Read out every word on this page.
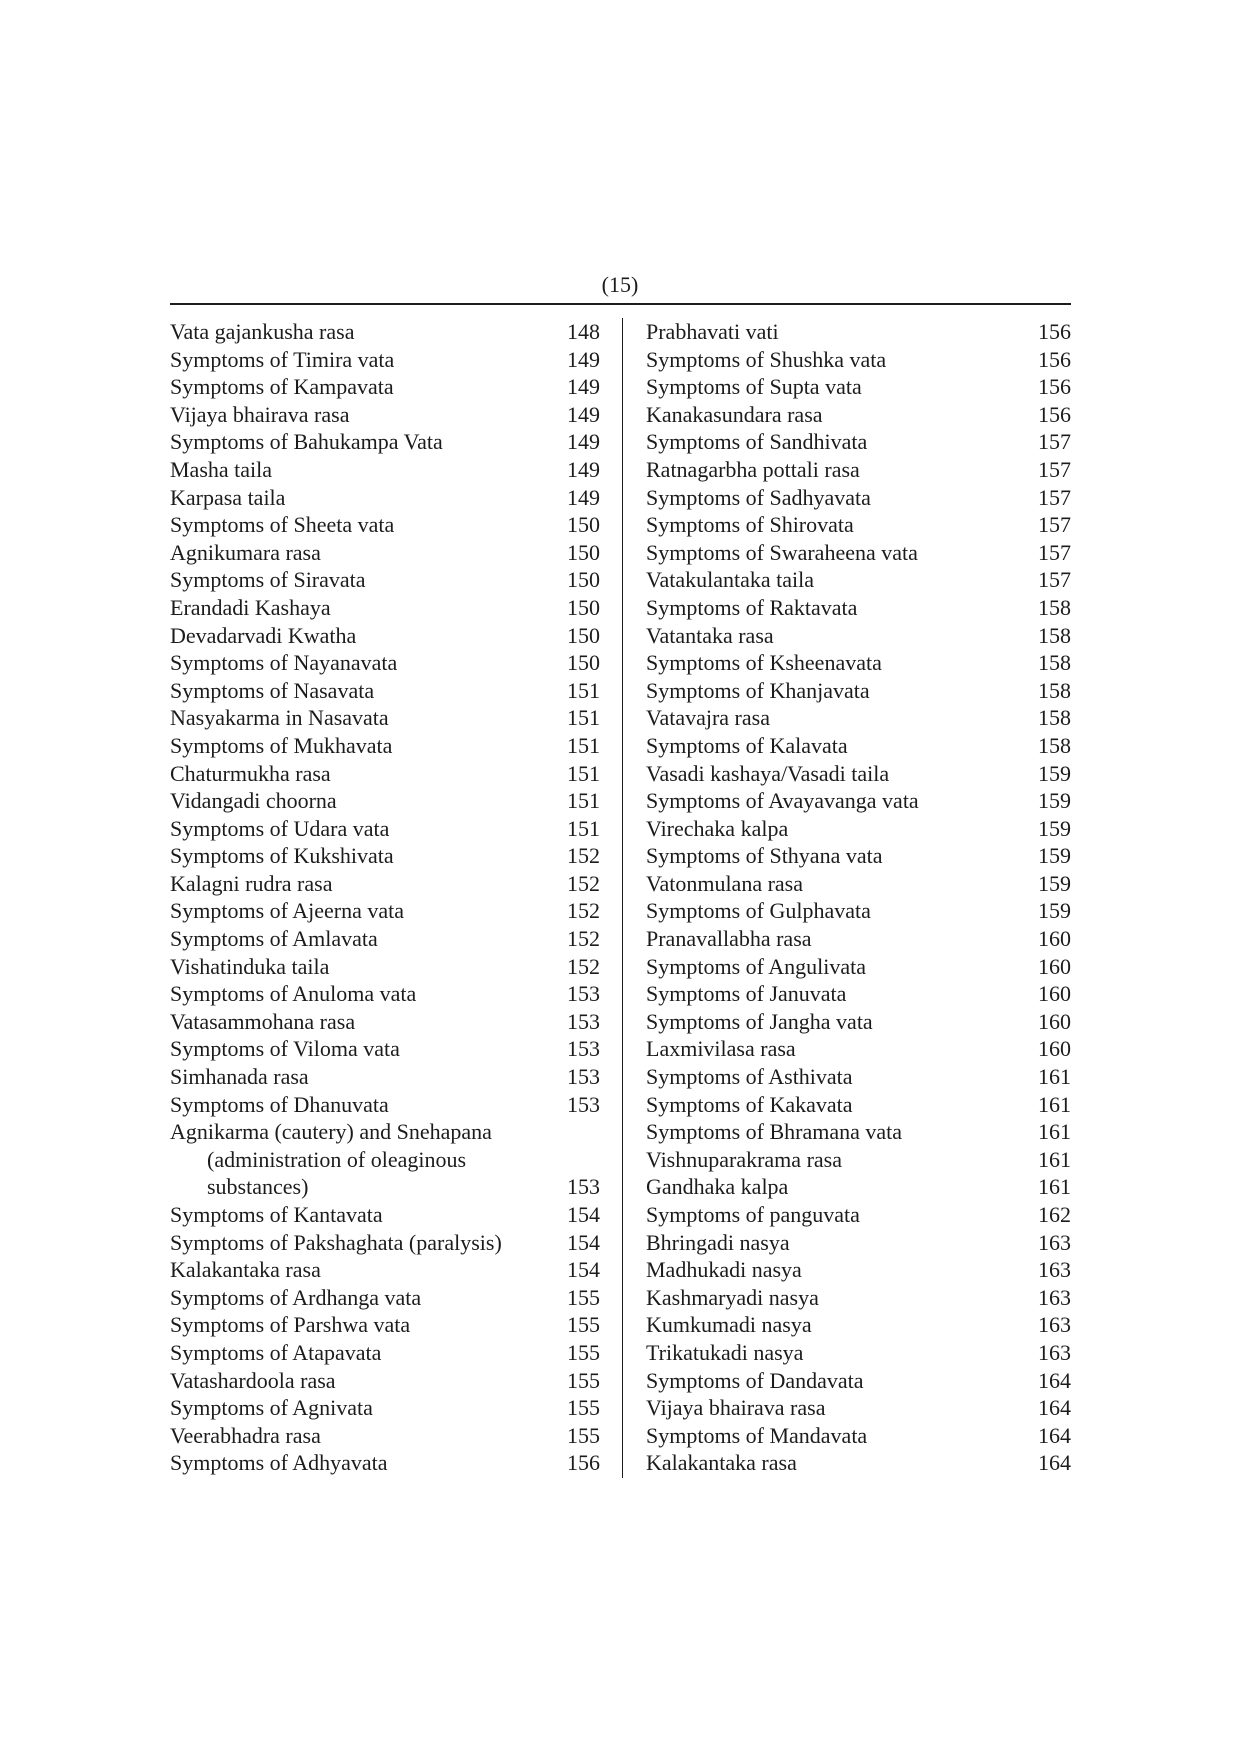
(15)
Vata gajankusha rasa	148
Symptoms of Timira vata	149
Symptoms of Kampavata	149
Vijaya bhairava rasa	149
Symptoms of Bahukampa Vata	149
Masha taila	149
Karpasa taila	149
Symptoms of Sheeta vata	150
Agnikumara rasa	150
Symptoms of Siravata	150
Erandadi Kashaya	150
Devadarvadi Kwatha	150
Symptoms of Nayanavata	150
Symptoms of Nasavata	151
Nasyakarma in Nasavata	151
Symptoms of Mukhavata	151
Chaturmukha rasa	151
Vidangadi choorna	151
Symptoms of Udara vata	151
Symptoms of Kukshivata	152
Kalagni rudra rasa	152
Symptoms of Ajeerna vata	152
Symptoms of Amlavata	152
Vishatinduka taila	152
Symptoms of Anuloma vata	153
Vatasammohana rasa	153
Symptoms of Viloma vata	153
Simhanada rasa	153
Symptoms of Dhanuvata	153
Agnikarma (cautery) and Snehapana
(administration of oleaginous
substances)	153
Symptoms of Kantavata	154
Symptoms of Pakshaghata (paralysis)	154
Kalakantaka rasa	154
Symptoms of Ardhanga vata	155
Symptoms of Parshwa vata	155
Symptoms of Atapavata	155
Vatashardoola rasa	155
Symptoms of Agnivata	155
Veerabhadra rasa	155
Symptoms of Adhyavata	156
Prabhavati vati	156
Symptoms of Shushka vata	156
Symptoms of Supta vata	156
Kanakasundara rasa	156
Symptoms of Sandhivata	157
Ratnagarbha pottali rasa	157
Symptoms of Sadhyavata	157
Symptoms of Shirovata	157
Symptoms of Swaraheena vata	157
Vatakulantaka taila	157
Symptoms of Raktavata	158
Vatantaka rasa	158
Symptoms of Ksheenavata	158
Symptoms of Khanjavata	158
Vatavajra rasa	158
Symptoms of Kalavata	158
Vasadi kashaya/Vasadi taila	159
Symptoms of Avayavanga vata	159
Virechaka kalpa	159
Symptoms of Sthyana vata	159
Vatonmulana rasa	159
Symptoms of Gulphavata	159
Pranavallabha rasa	160
Symptoms of Angulivata	160
Symptoms of Januvata	160
Symptoms of Jangha vata	160
Laxmivilasa rasa	160
Symptoms of Asthivata	161
Symptoms of Kakavata	161
Symptoms of Bhramana vata	161
Vishnuparakrama rasa	161
Gandhaka kalpa	161
Symptoms of panguvata	162
Bhringadi nasya	163
Madhukadi nasya	163
Kashmaryadi nasya	163
Kumkumadi nasya	163
Trikatukadi nasya	163
Symptoms of Dandavata	164
Vijaya bhairava rasa	164
Symptoms of Mandavata	164
Kalakantaka rasa	164
